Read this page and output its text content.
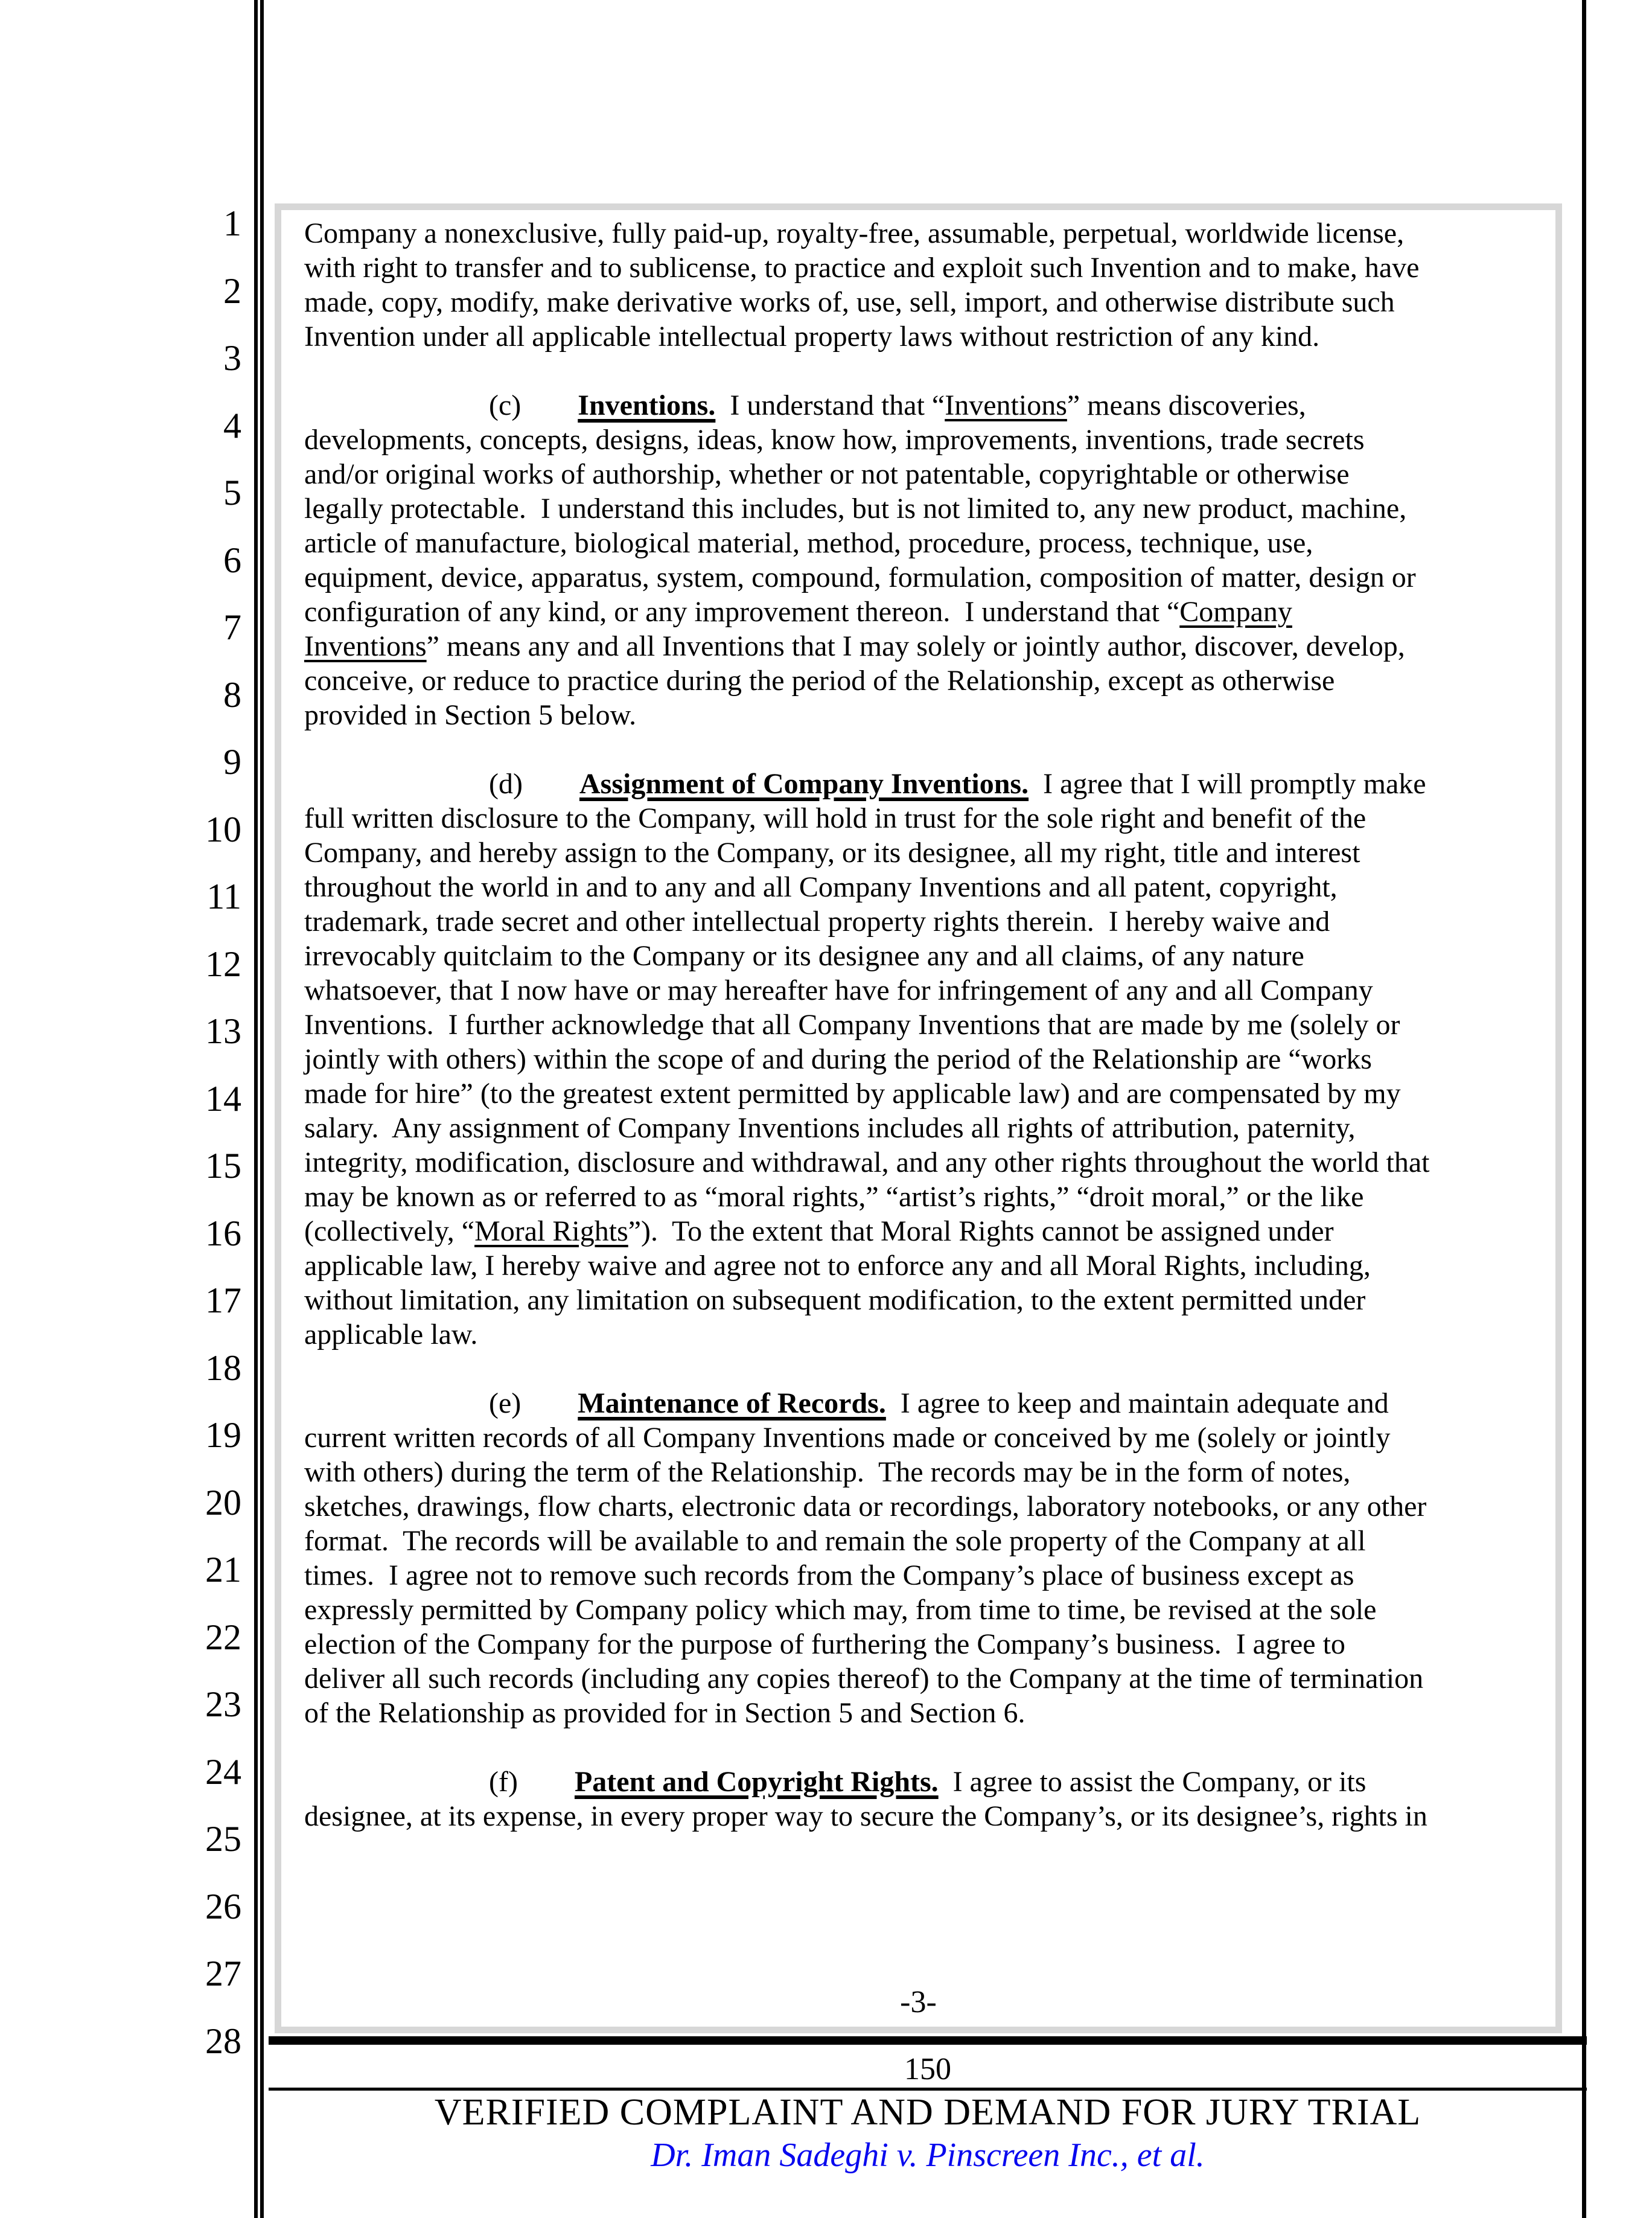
1
2
3
4
5
6
7
8
9
10
11
12
13
14
15
16
17
18
19
20
21
22
23
24
25
26
27
28
Company a nonexclusive, fully paid-up, royalty-free, assumable, perpetual, worldwide license,
with right to transfer and to sublicense, to practice and exploit such Invention and to make, have
made, copy, modify, make derivative works of, use, sell, import, and otherwise distribute such
Invention under all applicable intellectual property laws without restriction of any kind.
(c) Inventions.  I understand that “Inventions” means discoveries,
developments, concepts, designs, ideas, know how, improvements, inventions, trade secrets
and/or original works of authorship, whether or not patentable, copyrightable or otherwise
legally protectable.  I understand this includes, but is not limited to, any new product, machine,
article of manufacture, biological material, method, procedure, process, technique, use,
equipment, device, apparatus, system, compound, formulation, composition of matter, design or
configuration of any kind, or any improvement thereon.  I understand that “Company
Inventions” means any and all Inventions that I may solely or jointly author, discover, develop,
conceive, or reduce to practice during the period of the Relationship, except as otherwise
provided in Section 5 below.
(d) Assignment of Company Inventions.  I agree that I will promptly make
full written disclosure to the Company, will hold in trust for the sole right and benefit of the
Company, and hereby assign to the Company, or its designee, all my right, title and interest
throughout the world in and to any and all Company Inventions and all patent, copyright,
trademark, trade secret and other intellectual property rights therein.  I hereby waive and
irrevocably quitclaim to the Company or its designee any and all claims, of any nature
whatsoever, that I now have or may hereafter have for infringement of any and all Company
Inventions.  I further acknowledge that all Company Inventions that are made by me (solely or
jointly with others) within the scope of and during the period of the Relationship are “works
made for hire” (to the greatest extent permitted by applicable law) and are compensated by my
salary.  Any assignment of Company Inventions includes all rights of attribution, paternity,
integrity, modification, disclosure and withdrawal, and any other rights throughout the world that
may be known as or referred to as “moral rights,” “artist’s rights,” “droit moral,” or the like
(collectively, “Moral Rights”).  To the extent that Moral Rights cannot be assigned under
applicable law, I hereby waive and agree not to enforce any and all Moral Rights, including,
without limitation, any limitation on subsequent modification, to the extent permitted under
applicable law.
(e) Maintenance of Records.  I agree to keep and maintain adequate and
current written records of all Company Inventions made or conceived by me (solely or jointly
with others) during the term of the Relationship.  The records may be in the form of notes,
sketches, drawings, flow charts, electronic data or recordings, laboratory notebooks, or any other
format.  The records will be available to and remain the sole property of the Company at all
times.  I agree not to remove such records from the Company’s place of business except as
expressly permitted by Company policy which may, from time to time, be revised at the sole
election of the Company for the purpose of furthering the Company’s business.  I agree to
deliver all such records (including any copies thereof) to the Company at the time of termination
of the Relationship as provided for in Section 5 and Section 6.
(f) Patent and Copyright Rights.  I agree to assist the Company, or its
designee, at its expense, in every proper way to secure the Company’s, or its designee’s, rights in
-3-
150
VERIFIED COMPLAINT AND DEMAND FOR JURY TRIAL
Dr. Iman Sadeghi v. Pinscreen Inc., et al.
